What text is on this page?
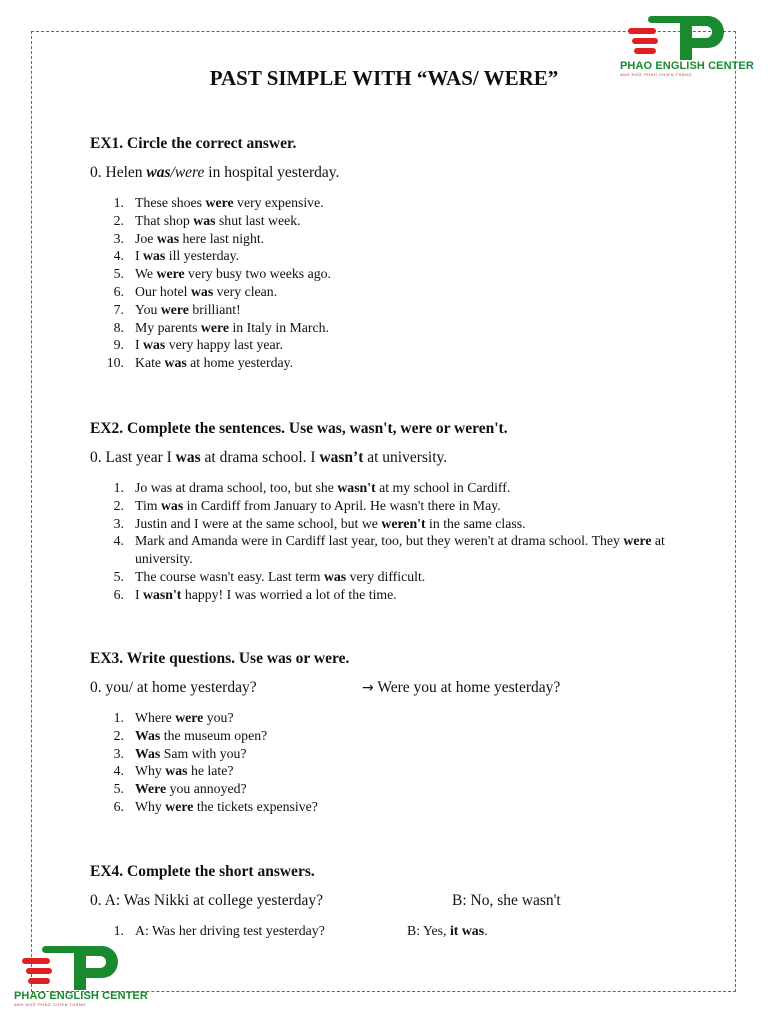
PHAO ENGLISH CENTER
ANH NGỮ PHAO CHIẾN THẮNG
PHAO ENGLISH CENTER
ANH NGỮ PHAO CHIẾN THẮNG
PAST SIMPLE WITH “WAS/ WERE”

EX1. Circle the correct answer.

0. Helen was/were in hospital yesterday.

1. These shoes were very expensive.
2. That shop was shut last week.
3. Joe was here last night.
4. I was ill yesterday.
5. We were very busy two weeks ago.
6. Our hotel was very clean.
7. You were brilliant!
8. My parents were in Italy in March.
9. I was very happy last year.
10. Kate was at home yesterday.

EX2. Complete the sentences. Use was, wasn't, were or weren't.

0. Last year I was at drama school. I wasn’t at university.

1. Jo was at drama school, too, but she wasn't at my school in Cardiff.
2. Tim was in Cardiff from January to April. He wasn't there in May.
3. Justin and I were at the same school, but we weren't in the same class.
4. Mark and Amanda were in Cardiff last year, too, but they weren't at drama school. They were at university.
5. The course wasn't easy. Last term was very difficult.
6. I wasn't happy! I was worried a lot of the time.

EX3. Write questions. Use was or were.

0. you/ at home yesterday?	→ Were you at home yesterday?

1. Where were you?
2. Was the museum open?
3. Was Sam with you?
4. Why was he late?
5. Were you annoyed?
6. Why were the tickets expensive?

EX4. Complete the short answers.

0. A: Was Nikki at college yesterday?	B: No, she wasn't

1. A: Was her driving test yesterday?	B: Yes, it was.
